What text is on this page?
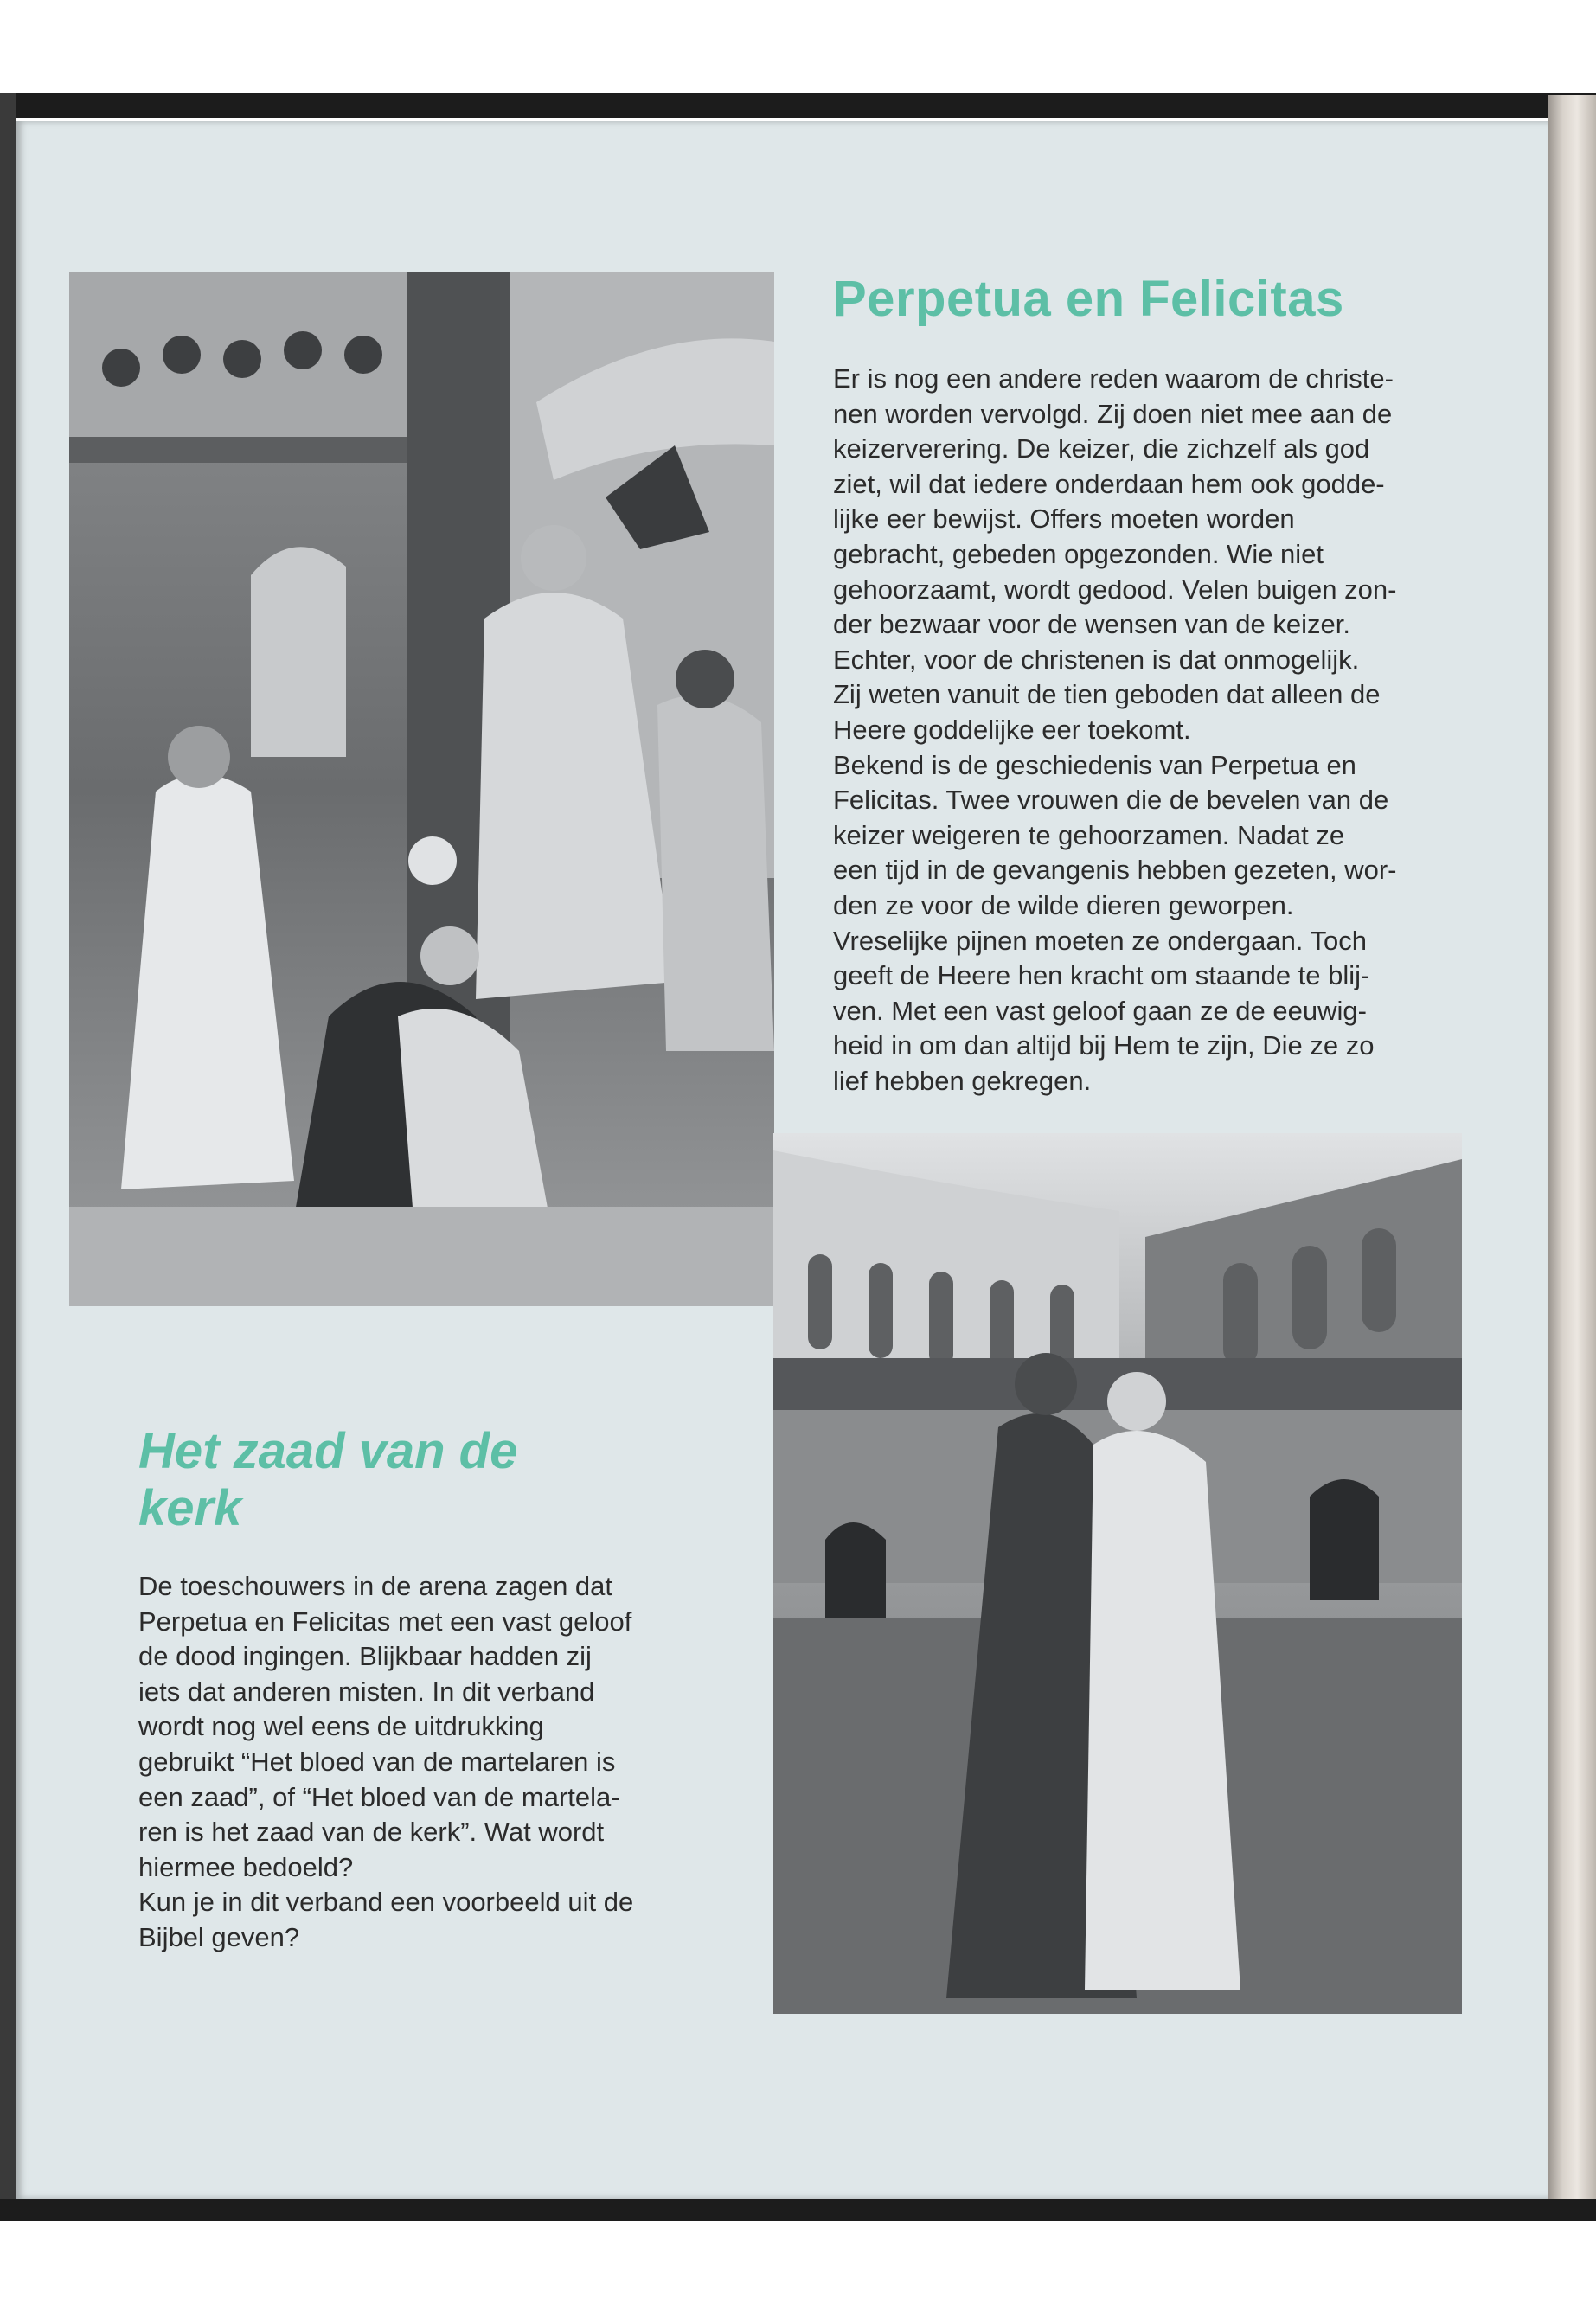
Perpetua en Felicitas

Er is nog een andere reden waarom de christe-
nen worden vervolgd. Zij doen niet mee aan de
keizerverering. De keizer, die zichzelf als god
ziet, wil dat iedere onderdaan hem ook godde-
lijke eer bewijst. Offers moeten worden
gebracht, gebeden opgezonden. Wie niet
gehoorzaamt, wordt gedood. Velen buigen zon-
der bezwaar voor de wensen van de keizer.
Echter, voor de christenen is dat onmogelijk.
Zij weten vanuit de tien geboden dat alleen de
Heere goddelijke eer toekomt.
Bekend is de geschiedenis van Perpetua en
Felicitas. Twee vrouwen die de bevelen van de
keizer weigeren te gehoorzamen. Nadat ze
een tijd in de gevangenis hebben gezeten, wor-
den ze voor de wilde dieren geworpen.
Vreselijke pijnen moeten ze ondergaan. Toch
geeft de Heere hen kracht om staande te blij-
ven. Met een vast geloof gaan ze de eeuwig-
heid in om dan altijd bij Hem te zijn, Die ze zo
lief hebben gekregen.

Het zaad van de
kerk

De toeschouwers in de arena zagen dat
Perpetua en Felicitas met een vast geloof
de dood ingingen. Blijkbaar hadden zij
iets dat anderen misten. In dit verband
wordt nog wel eens de uitdrukking
gebruikt “Het bloed van de martelaren is
een zaad”, of “Het bloed van de martela-
ren is het zaad van de kerk”. Wat wordt
hiermee bedoeld?
Kun je in dit verband een voorbeeld uit de
Bijbel geven?
